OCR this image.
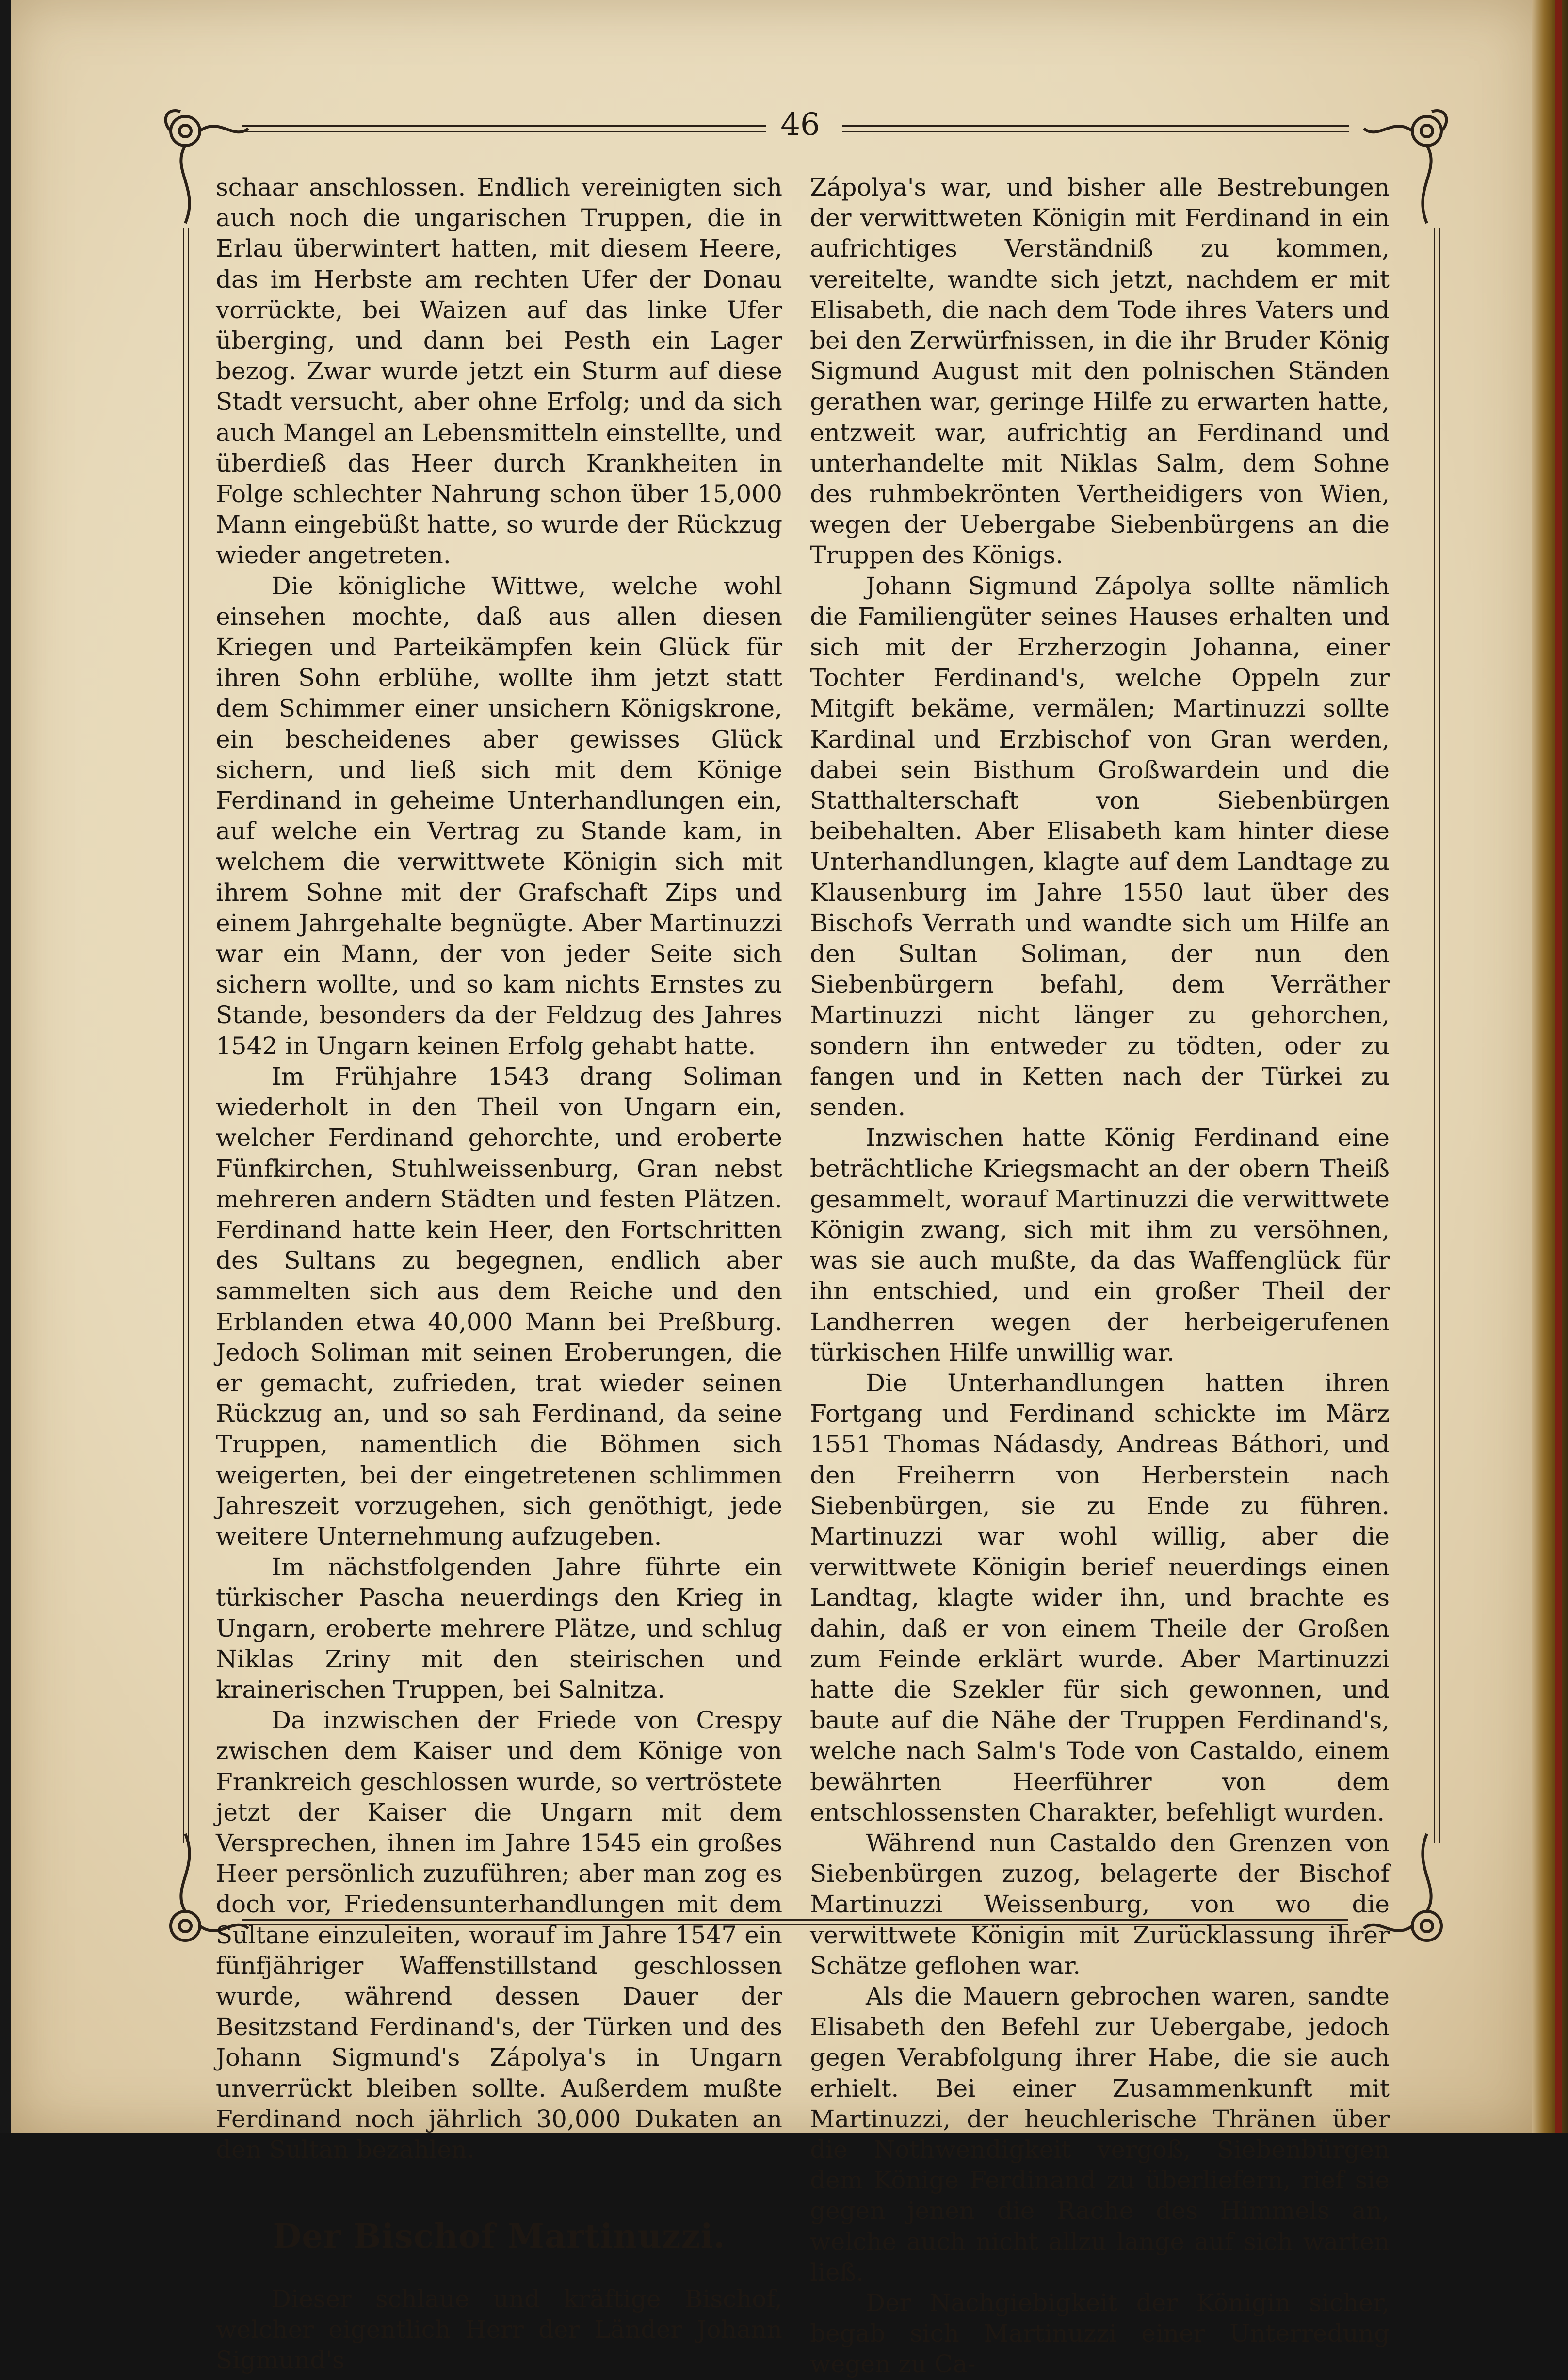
46

schaar anschlossen. Endlich vereinigten sich auch noch die ungarischen Truppen, die in Erlau überwintert hatten, mit diesem Heere, das im Herbste am rechten Ufer der Donau vorrückte, bei Waizen auf das linke Ufer überging, und dann bei Pesth ein Lager bezog. Zwar wurde jetzt ein Sturm auf diese Stadt versucht, aber ohne Erfolg; und da sich auch Mangel an Lebensmitteln einstellte, und überdieß das Heer durch Krankheiten in Folge schlechter Nahrung schon über 15,000 Mann eingebüßt hatte, so wurde der Rückzug wieder angetreten.

Die königliche Wittwe, welche wohl einsehen mochte, daß aus allen diesen Kriegen und Parteikämpfen kein Glück für ihren Sohn erblühe, wollte ihm jetzt statt dem Schimmer einer unsichern Königskrone, ein bescheidenes aber gewisses Glück sichern, und ließ sich mit dem Könige Ferdinand in geheime Unterhandlungen ein, auf welche ein Vertrag zu Stande kam, in welchem die verwittwete Königin sich mit ihrem Sohne mit der Grafschaft Zips und einem Jahrgehalte begnügte. Aber Martinuzzi war ein Mann, der von jeder Seite sich sichern wollte, und so kam nichts Ernstes zu Stande, besonders da der Feldzug des Jahres 1542 in Ungarn keinen Erfolg gehabt hatte.

Im Frühjahre 1543 drang Soliman wiederholt in den Theil von Ungarn ein, welcher Ferdinand gehorchte, und eroberte Fünfkirchen, Stuhlweissenburg, Gran nebst mehreren andern Städten und festen Plätzen. Ferdinand hatte kein Heer, den Fortschritten des Sultans zu begegnen, endlich aber sammelten sich aus dem Reiche und den Erblanden etwa 40,000 Mann bei Preßburg. Jedoch Soliman mit seinen Eroberungen, die er gemacht, zufrieden, trat wieder seinen Rückzug an, und so sah Ferdinand, da seine Truppen, namentlich die Böhmen sich weigerten, bei der eingetretenen schlimmen Jahreszeit vorzugehen, sich genöthigt, jede weitere Unternehmung aufzugeben.

Im nächstfolgenden Jahre führte ein türkischer Pascha neuerdings den Krieg in Ungarn, eroberte mehrere Plätze, und schlug Niklas Zriny mit den steirischen und krainerischen Truppen, bei Salnitza.

Da inzwischen der Friede von Crespy zwischen dem Kaiser und dem Könige von Frankreich geschlossen wurde, so vertröstete jetzt der Kaiser die Ungarn mit dem Versprechen, ihnen im Jahre 1545 ein großes Heer persönlich zuzuführen; aber man zog es doch vor, Friedensunterhandlungen mit dem Sultane einzuleiten, worauf im Jahre 1547 ein fünfjähriger Waffenstillstand geschlossen wurde, während dessen Dauer der Besitzstand Ferdinand's, der Türken und des Johann Sigmund's Zápolya's in Ungarn unverrückt bleiben sollte. Außerdem mußte Ferdinand noch jährlich 30,000 Dukaten an den Sultan bezahlen.

Der Bischof Martinuzzi.

Dieser schlaue und kräftige Bischof, welcher eigentlich Herr der Länder Johann Sigmund's

Zápolya's war, und bisher alle Bestrebungen der verwittweten Königin mit Ferdinand in ein aufrichtiges Verständniß zu kommen, vereitelte, wandte sich jetzt, nachdem er mit Elisabeth, die nach dem Tode ihres Vaters und bei den Zerwürfnissen, in die ihr Bruder König Sigmund August mit den polnischen Ständen gerathen war, geringe Hilfe zu erwarten hatte, entzweit war, aufrichtig an Ferdinand und unterhandelte mit Niklas Salm, dem Sohne des ruhmbekrönten Vertheidigers von Wien, wegen der Uebergabe Siebenbürgens an die Truppen des Königs.

Johann Sigmund Zápolya sollte nämlich die Familiengüter seines Hauses erhalten und sich mit der Erzherzogin Johanna, einer Tochter Ferdinand's, welche Oppeln zur Mitgift bekäme, vermälen; Martinuzzi sollte Kardinal und Erzbischof von Gran werden, dabei sein Bisthum Großwardein und die Statthalterschaft von Siebenbürgen beibehalten. Aber Elisabeth kam hinter diese Unterhandlungen, klagte auf dem Landtage zu Klausenburg im Jahre 1550 laut über des Bischofs Verrath und wandte sich um Hilfe an den Sultan Soliman, der nun den Siebenbürgern befahl, dem Verräther Martinuzzi nicht länger zu gehorchen, sondern ihn entweder zu tödten, oder zu fangen und in Ketten nach der Türkei zu senden.

Inzwischen hatte König Ferdinand eine beträchtliche Kriegsmacht an der obern Theiß gesammelt, worauf Martinuzzi die verwittwete Königin zwang, sich mit ihm zu versöhnen, was sie auch mußte, da das Waffenglück für ihn entschied, und ein großer Theil der Landherren wegen der herbeigerufenen türkischen Hilfe unwillig war.

Die Unterhandlungen hatten ihren Fortgang und Ferdinand schickte im März 1551 Thomas Nádasdy, Andreas Báthori, und den Freiherrn von Herberstein nach Siebenbürgen, sie zu Ende zu führen. Martinuzzi war wohl willig, aber die verwittwete Königin berief neuerdings einen Landtag, klagte wider ihn, und brachte es dahin, daß er von einem Theile der Großen zum Feinde erklärt wurde. Aber Martinuzzi hatte die Szekler für sich gewonnen, und baute auf die Nähe der Truppen Ferdinand's, welche nach Salm's Tode von Castaldo, einem bewährten Heerführer von dem entschlossensten Charakter, befehligt wurden.

Während nun Castaldo den Grenzen von Siebenbürgen zuzog, belagerte der Bischof Martinuzzi Weissenburg, von wo die verwittwete Königin mit Zurücklassung ihrer Schätze geflohen war.

Als die Mauern gebrochen waren, sandte Elisabeth den Befehl zur Uebergabe, jedoch gegen Verabfolgung ihrer Habe, die sie auch erhielt. Bei einer Zusammenkunft mit Martinuzzi, der heuchlerische Thränen über die Nothwendigkeit vergoß, Siebenbürgen dem Könige Ferdinand zu überliefern, rief sie gegen jenen die Rache des Himmels an, welche auch nicht allzu lange auf sich warten ließ.

Der Nachgiebigkeit der Königin sicher, begab sich Martinuzzi einer Unterredung wegen zu Ca-
